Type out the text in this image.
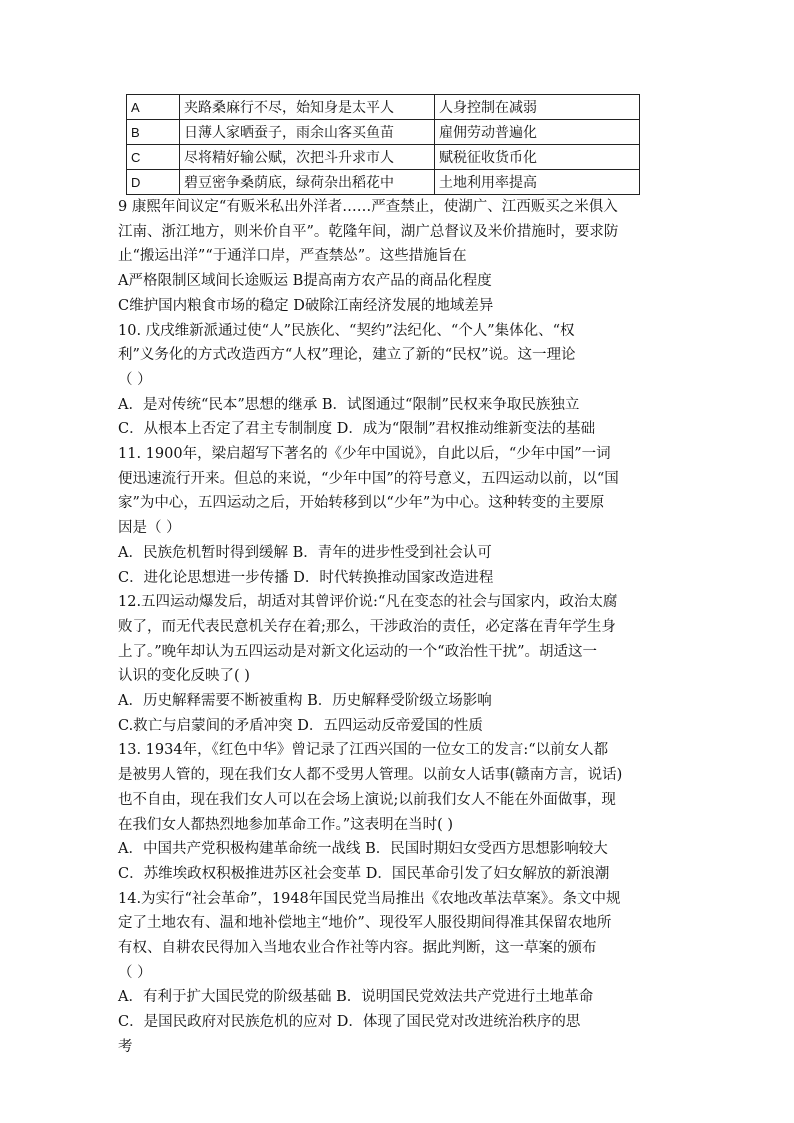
A	夹路桑麻行不尽，始知身是太平人	人身控制在减弱
B	日薄人家晒蚕子，雨余山客买鱼苗	雇佣劳动普遍化
C	尽将精好输公赋，次把斗升求市人	赋税征收货币化
D	碧豆密争桑荫底，绿荷杂出稻花中	土地利用率提高
9 康熙年间议定“有贩米私出外洋者……严查禁止，使湖广、江西贩买之米俱入
江南、浙江地方，则米价自平”。乾隆年间，湖广总督议及米价措施时，要求防
止“搬运出洋”“于通洋口岸，严查禁怂”。这些措施旨在
A严格限制区域间长途贩运 B提高南方农产品的商品化程度
C维护国内粮食市场的稳定 D破除江南经济发展的地域差异
10. 戊戌维新派通过使“人”民族化、“契约”法纪化、“个人”集体化、“权
利”义务化的方式改造西方“人权”理论，建立了新的“民权”说。这一理论
（ ）
A．是对传统“民本”思想的继承 B．试图通过“限制”民权来争取民族独立
C．从根本上否定了君主专制制度 D．成为“限制”君权推动维新变法的基础
11. 1900年，梁启超写下著名的《少年中国说》，自此以后，“少年中国”一词
便迅速流行开来。但总的来说，“少年中国”的符号意义，五四运动以前，以“国
家”为中心，五四运动之后，开始转移到以“少年”为中心。这种转变的主要原
因是（ ）
A．民族危机暂时得到缓解 B．青年的进步性受到社会认可
C．进化论思想进一步传播 D．时代转换推动国家改造进程
12.五四运动爆发后，胡适对其曾评价说:“凡在变态的社会与国家内，政治太腐
败了，而无代表民意机关存在着;那么，干涉政治的责任，必定落在青年学生身
上了。”晚年却认为五四运动是对新文化运动的一个“政治性干扰”。胡适这一
认识的变化反映了( )
A．历史解释需要不断被重构 B．历史解释受阶级立场影响
C.救亡与启蒙间的矛盾冲突 D．五四运动反帝爱国的性质
13. 1934年，《红色中华》曾记录了江西兴国的一位女工的发言:“以前女人都
是被男人管的，现在我们女人都不受男人管理。以前女人话事(赣南方言，说话)
也不自由，现在我们女人可以在会场上演说;以前我们女人不能在外面做事，现
在我们女人都热烈地参加革命工作。”这表明在当时( )
A．中国共产党积极构建革命统一战线 B．民国时期妇女受西方思想影响较大
C．苏维埃政权积极推进苏区社会变革 D．国民革命引发了妇女解放的新浪潮
14.为实行“社会革命”，1948年国民党当局推出《农地改革法草案》。条文中规
定了土地农有、温和地补偿地主“地价”、现役军人服役期间得准其保留农地所
有权、自耕农民得加入当地农业合作社等内容。据此判断，这一草案的颁布
（ ）
A．有利于扩大国民党的阶级基础 B．说明国民党效法共产党进行土地革命
C．是国民政府对民族危机的应对 D．体现了国民党对改进统治秩序的思
考
